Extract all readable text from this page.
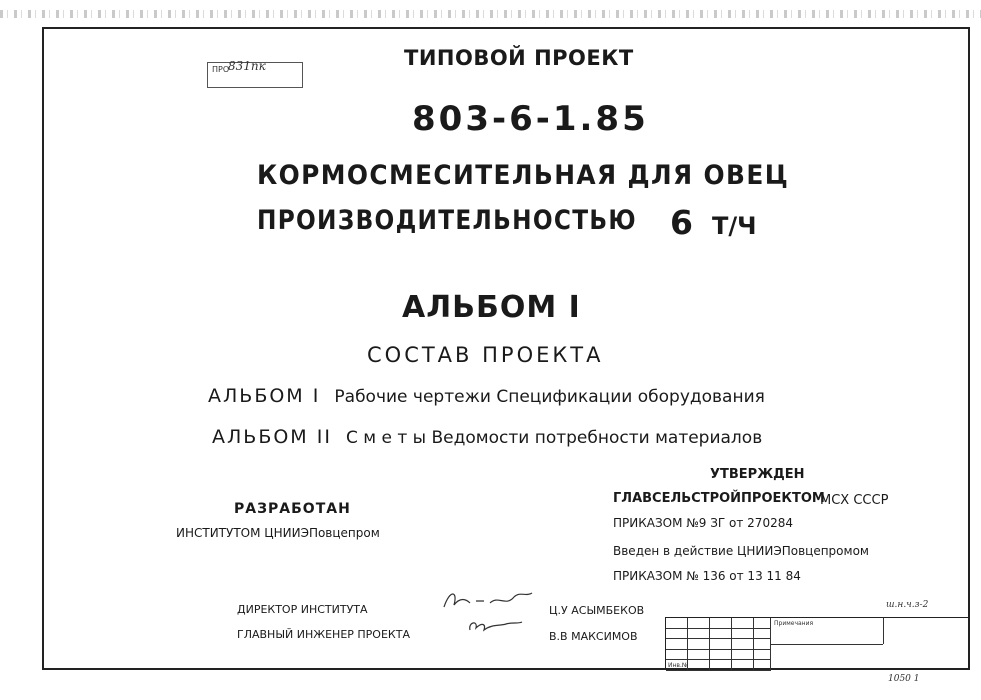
ПРО
831пк	ТИПОВОЙ ПРОЕКТ
803-6-1.85
КОРМОСМЕСИТЕЛЬНАЯ ДЛЯ ОВЕЦ
ПРОИЗВОДИТЕЛЬНОСТЬЮ	6 Т/Ч
АЛЬБОМ І
СОСТАВ ПРОЕКТА
АЛЬБОМ І Рабочие чертежи Спецификации оборудования
АЛЬБОМ ІІ С м е т ы Ведомости потребности материалов
РАЗРАБОТАН
ИНСТИТУТОМ ЦНИИЭПовцепром
УТВЕРЖДЕН
ГЛАВСЕЛЬСТРОЙПРОЕКТОМ
МСХ СССР
ПРИКАЗОМ №9 ЗГ от 270284
Введен в действие ЦНИИЭПовцепромом
ПРИКАЗОМ № 136 от 13 11 84
ДИРЕКТОР ИНСТИТУТА	Ц.У АСЫМБЕКОВ
ГЛАВНЫЙ ИНЖЕНЕР ПРОЕКТА	В.В МАКСИМОВ
ш.н.ч.з-2
Примечания
Инв.№
1050 1
